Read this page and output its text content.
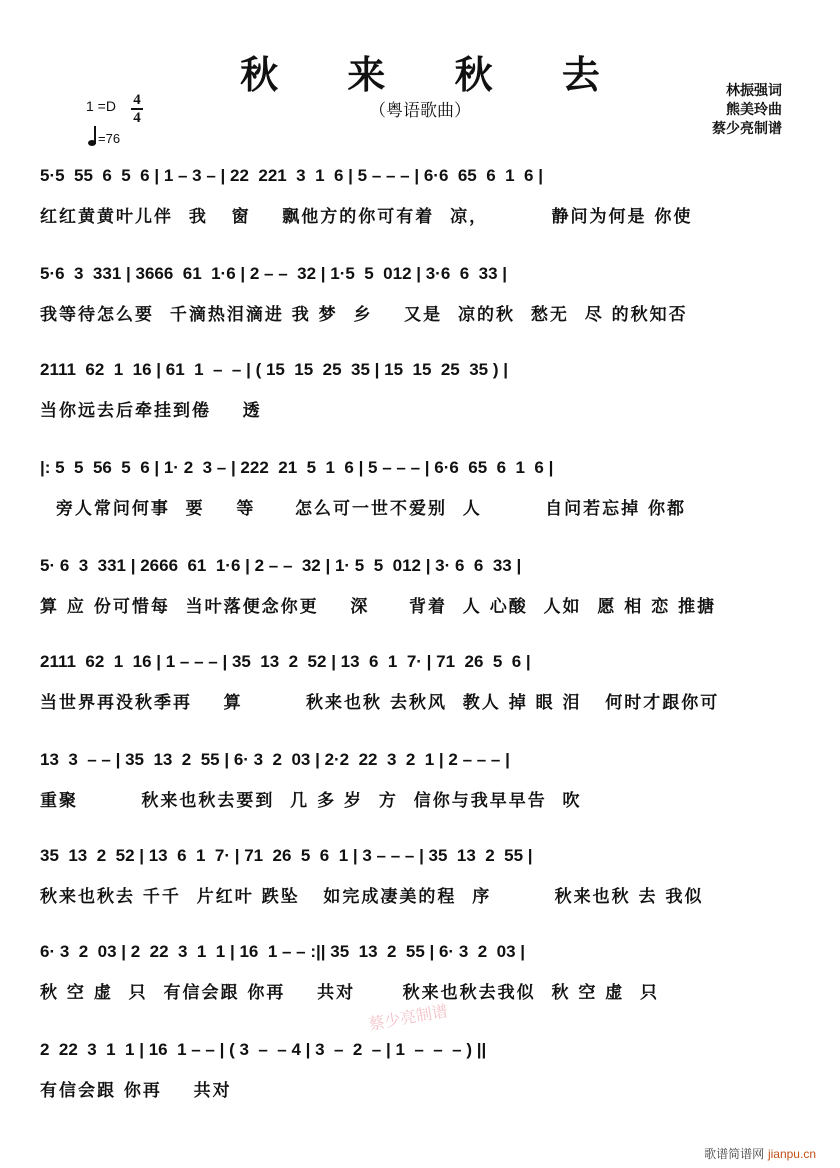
秋 来 秋 去
（粤语歌曲）
1 =D 4
4
=76
林振强词
熊美玲曲
蔡少亮制谱
5·5  55  6  5  6 | 1 – 3 – | 22  221  3  1  6 | 5 – – – | 6·6  65  6  1  6 |
红红黄黄叶儿伴  我   窗    飘他方的你可有着  凉，        静问为何是 你使
5·6  3  331 | 3666  61  1·6 | 2 – –  32 | 1·5  5  012 | 3·6  6  33 |
我等待怎么要  千滴热泪滴进 我 梦  乡    又是  凉的秋  愁无  尽 的秋知否
2111  62  1  16 | 61  1  –  – | ( 15  15  25  35 | 15  15  25  35 ) |
当你远去后牵挂到倦    透
|: 5  5  56  5  6 | 1· 2  3 – | 222  21  5  1  6 | 5 – – – | 6·6  65  6  1  6 |
旁人常问何事  要    等     怎么可一世不爱别  人        自问若忘掉 你都
5· 6  3  331 | 2666  61  1·6 | 2 – –  32 | 1· 5  5  012 | 3· 6  6  33 |
算 应 份可惜每  当叶落便念你更    深     背着  人 心酸  人如  愿 相 恋 推搪
2111  62  1  16 | 1 – – – | 35  13  2  52 | 13  6  1  7· | 71  26  5  6 |
当世界再没秋季再    算        秋来也秋 去秋风  教人 掉 眼 泪   何时才跟你可
13  3  – – | 35  13  2  55 | 6· 3  2  03 | 2·2  22  3  2  1 | 2 – – – |
重聚        秋来也秋去要到  几 多 岁  方  信你与我早早告  吹
35  13  2  52 | 13  6  1  7· | 71  26  5  6  1 | 3 – – – | 35  13  2  55 |
秋来也秋去 千千  片红叶 跌坠   如完成凄美的程  序        秋来也秋 去 我似
6· 3  2  03 | 2  22  3  1  1 | 16  1 – – :|| 35  13  2  55 | 6· 3  2  03 |
秋 空 虚  只  有信会跟 你再    共对      秋来也秋去我似  秋 空 虚  只
2  22  3  1  1 | 16  1 – – | ( 3  –  – 4 | 3  –  2  – | 1  –  –  – ) ||
有信会跟 你再    共对
蔡少亮制谱
歌谱简谱网 jianpu.cn
